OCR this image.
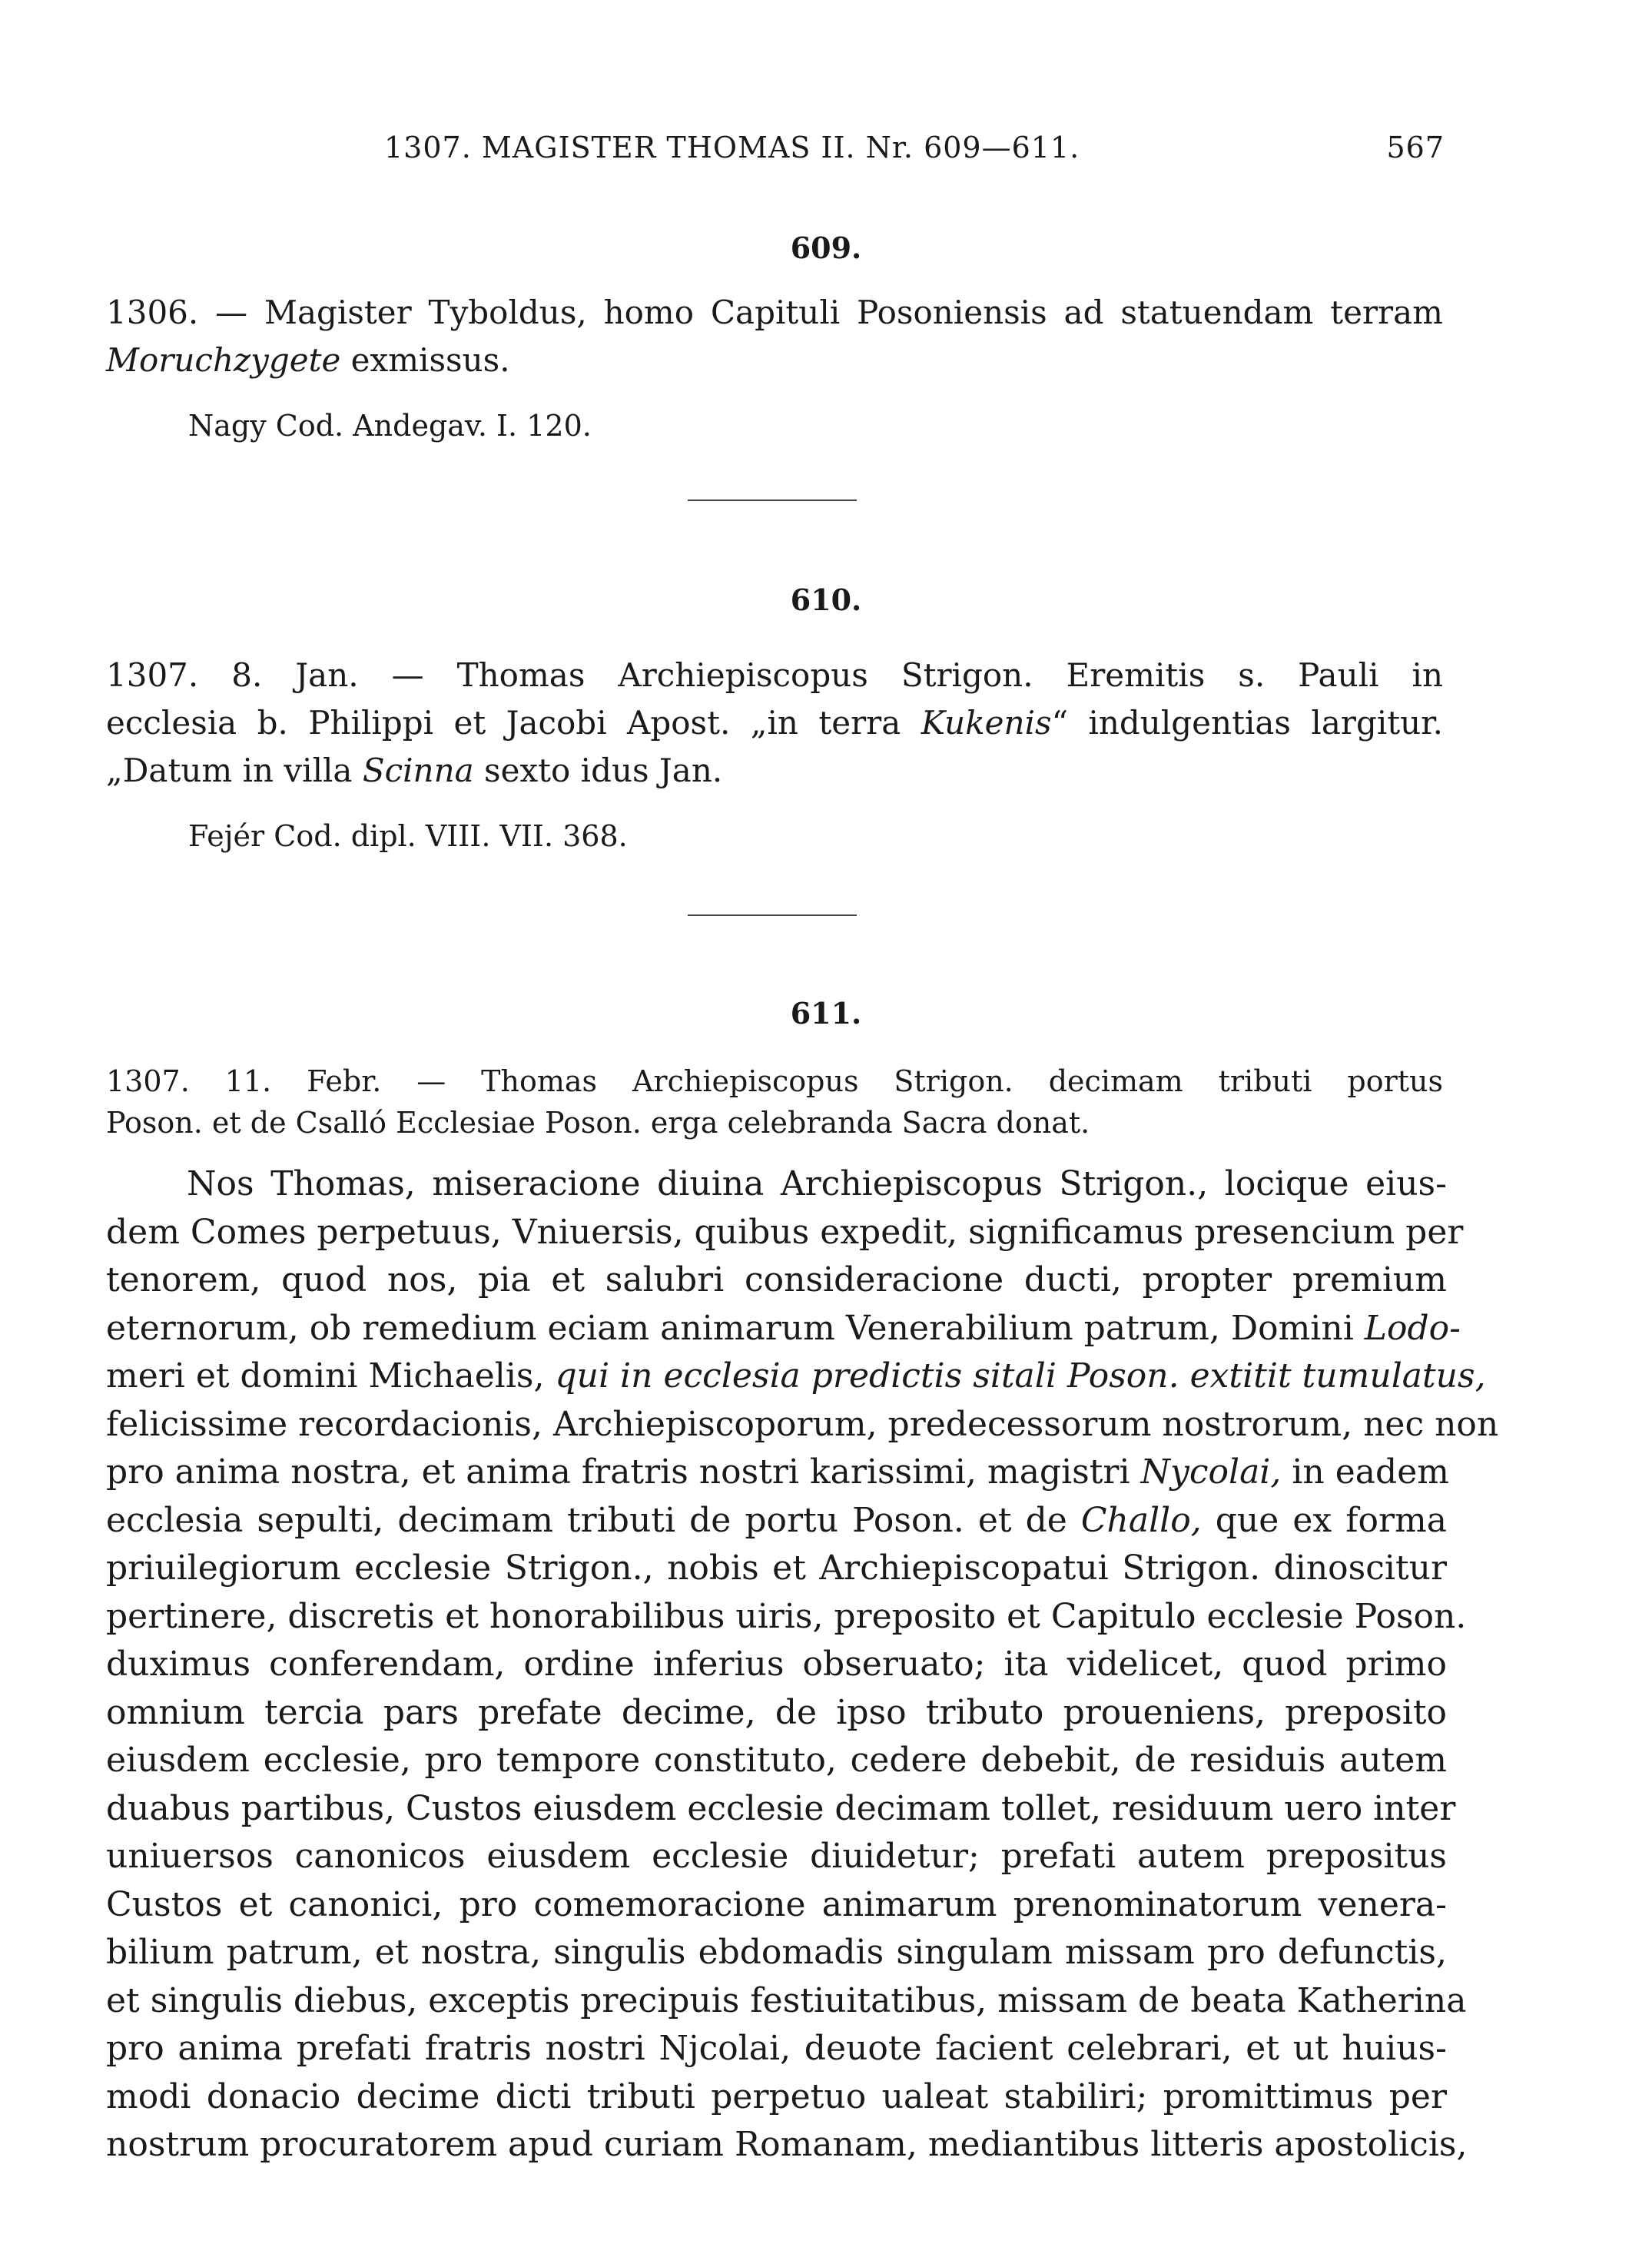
1307. MAGISTER THOMAS II. Nr. 609—611.	567
609.
1306. — Magister Tyboldus, homo Capituli Posoniensis ad statuendam terram Moruchzygete exmissus.
Nagy Cod. Andegav. I. 120.
610.
1307. 8. Jan. — Thomas Archiepiscopus Strigon. Eremitis s. Pauli in
ecclesia b. Philippi et Jacobi Apost. „in terra Kukenis“ indulgentias largitur.
„Datum in villa Scinna sexto idus Jan.
Fejér Cod. dipl. VIII. VII. 368.
611.
1307. 11. Febr. — Thomas Archiepiscopus Strigon. decimam tributi portus
Poson. et de Csalló Ecclesiae Poson. erga celebranda Sacra donat.
Nos Thomas, miseracione diuina Archiepiscopus Strigon., locique eius-
dem Comes perpetuus, Vniuersis, quibus expedit, significamus presencium per
tenorem, quod nos, pia et salubri consideracione ducti, propter premium
eternorum, ob remedium eciam animarum Venerabilium patrum, Domini Lodo-
meri et domini Michaelis, qui in ecclesia predictis sitali Poson. extitit tumulatus,
felicissime recordacionis, Archiepiscoporum, predecessorum nostrorum, nec non
pro anima nostra, et anima fratris nostri karissimi, magistri Nycolai, in eadem
ecclesia sepulti, decimam tributi de portu Poson. et de Challo, que ex forma
priuilegiorum ecclesie Strigon., nobis et Archiepiscopatui Strigon. dinoscitur
pertinere, discretis et honorabilibus uiris, preposito et Capitulo ecclesie Poson.
duximus conferendam, ordine inferius obseruato; ita videlicet, quod primo
omnium tercia pars prefate decime, de ipso tributo proueniens, preposito
eiusdem ecclesie, pro tempore constituto, cedere debebit, de residuis autem
duabus partibus, Custos eiusdem ecclesie decimam tollet, residuum uero inter
uniuersos canonicos eiusdem ecclesie diuidetur; prefati autem prepositus
Custos et canonici, pro comemoracione animarum prenominatorum venera-
bilium patrum, et nostra, singulis ebdomadis singulam missam pro defunctis,
et singulis diebus, exceptis precipuis festiuitatibus, missam de beata Katherina
pro anima prefati fratris nostri Njcolai, deuote facient celebrari, et ut huius-
modi donacio decime dicti tributi perpetuo ualeat stabiliri; promittimus per
nostrum procuratorem apud curiam Romanam, mediantibus litteris apostolicis,
